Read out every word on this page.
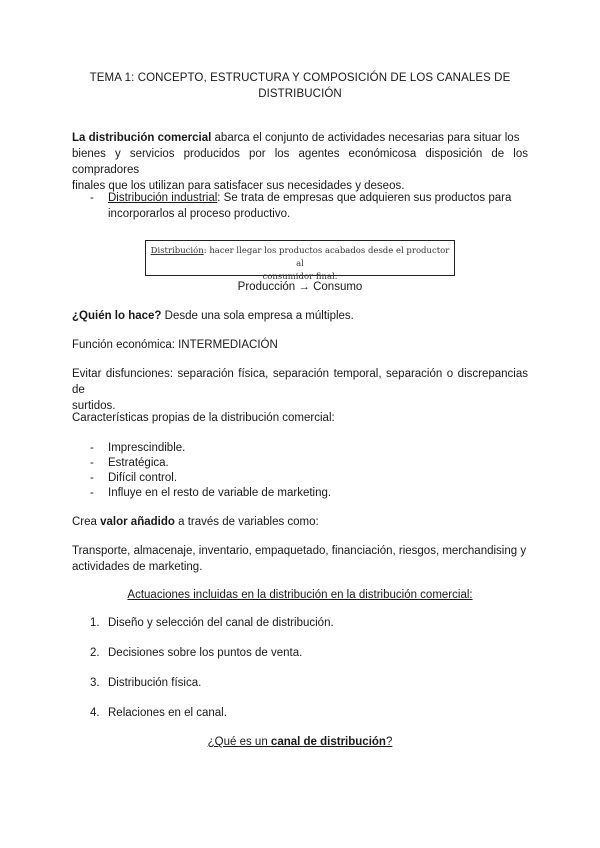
TEMA 1: CONCEPTO, ESTRUCTURA Y COMPOSICIÓN DE LOS CANALES DE
DISTRIBUCIÓN
La distribución comercial abarca el conjunto de actividades necesarias para situar los
bienes y servicios producidos por los agentes económicosa disposición de los compradores
finales que los utilizan para satisfacer sus necesidades y deseos.
- Distribución industrial: Se trata de empresas que adquieren sus productos para
incorporarlos al proceso productivo.
Distribución: hacer llegar los productos acabados desde el productor al
consumidor final.
Producción → Consumo
¿Quién lo hace? Desde una sola empresa a múltiples.
Función económica: INTERMEDIACIÓN
Evitar disfunciones: separación física, separación temporal, separación o discrepancias de
surtidos.
Características propias de la distribución comercial:
- Imprescindible.
- Estratégica.
- Difícil control.
- Influye en el resto de variable de marketing.
Crea valor añadido a través de variables como:
Transporte, almacenaje, inventario, empaquetado, financiación, riesgos, merchandising y
actividades de marketing.
Actuaciones incluidas en la distribución en la distribución comercial:
1. Diseño y selección del canal de distribución.
2. Decisiones sobre los puntos de venta.
3. Distribución física.
4. Relaciones en el canal.
¿Qué es un canal de distribución?
